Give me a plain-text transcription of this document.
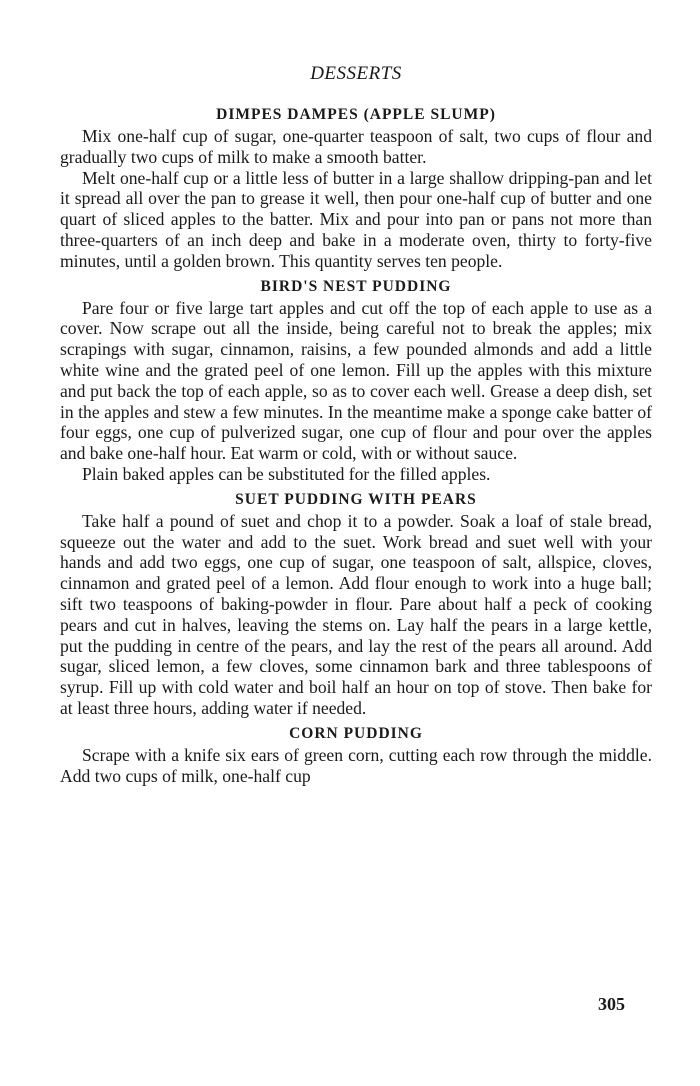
DESSERTS
DIMPES DAMPES (APPLE SLUMP)

Mix one-half cup of sugar, one-quarter teaspoon of salt, two cups of flour and gradually two cups of milk to make a smooth batter.

Melt one-half cup or a little less of butter in a large shallow dripping-pan and let it spread all over the pan to grease it well, then pour one-half cup of butter and one quart of sliced apples to the batter. Mix and pour into pan or pans not more than three-quarters of an inch deep and bake in a moderate oven, thirty to forty-five minutes, until a golden brown. This quantity serves ten people.

BIRD'S NEST PUDDING

Pare four or five large tart apples and cut off the top of each apple to use as a cover. Now scrape out all the inside, being careful not to break the apples; mix scrapings with sugar, cinnamon, raisins, a few pounded almonds and add a little white wine and the grated peel of one lemon. Fill up the apples with this mixture and put back the top of each apple, so as to cover each well. Grease a deep dish, set in the apples and stew a few minutes. In the meantime make a sponge cake batter of four eggs, one cup of pulverized sugar, one cup of flour and pour over the apples and bake one-half hour. Eat warm or cold, with or without sauce.

Plain baked apples can be substituted for the filled apples.

SUET PUDDING WITH PEARS

Take half a pound of suet and chop it to a powder. Soak a loaf of stale bread, squeeze out the water and add to the suet. Work bread and suet well with your hands and add two eggs, one cup of sugar, one teaspoon of salt, allspice, cloves, cinnamon and grated peel of a lemon. Add flour enough to work into a huge ball; sift two teaspoons of baking-powder in flour. Pare about half a peck of cooking pears and cut in halves, leaving the stems on. Lay half the pears in a large kettle, put the pudding in centre of the pears, and lay the rest of the pears all around. Add sugar, sliced lemon, a few cloves, some cinnamon bark and three tablespoons of syrup. Fill up with cold water and boil half an hour on top of stove. Then bake for at least three hours, adding water if needed.

CORN PUDDING

Scrape with a knife six ears of green corn, cutting each row through the middle. Add two cups of milk, one-half cup

305
